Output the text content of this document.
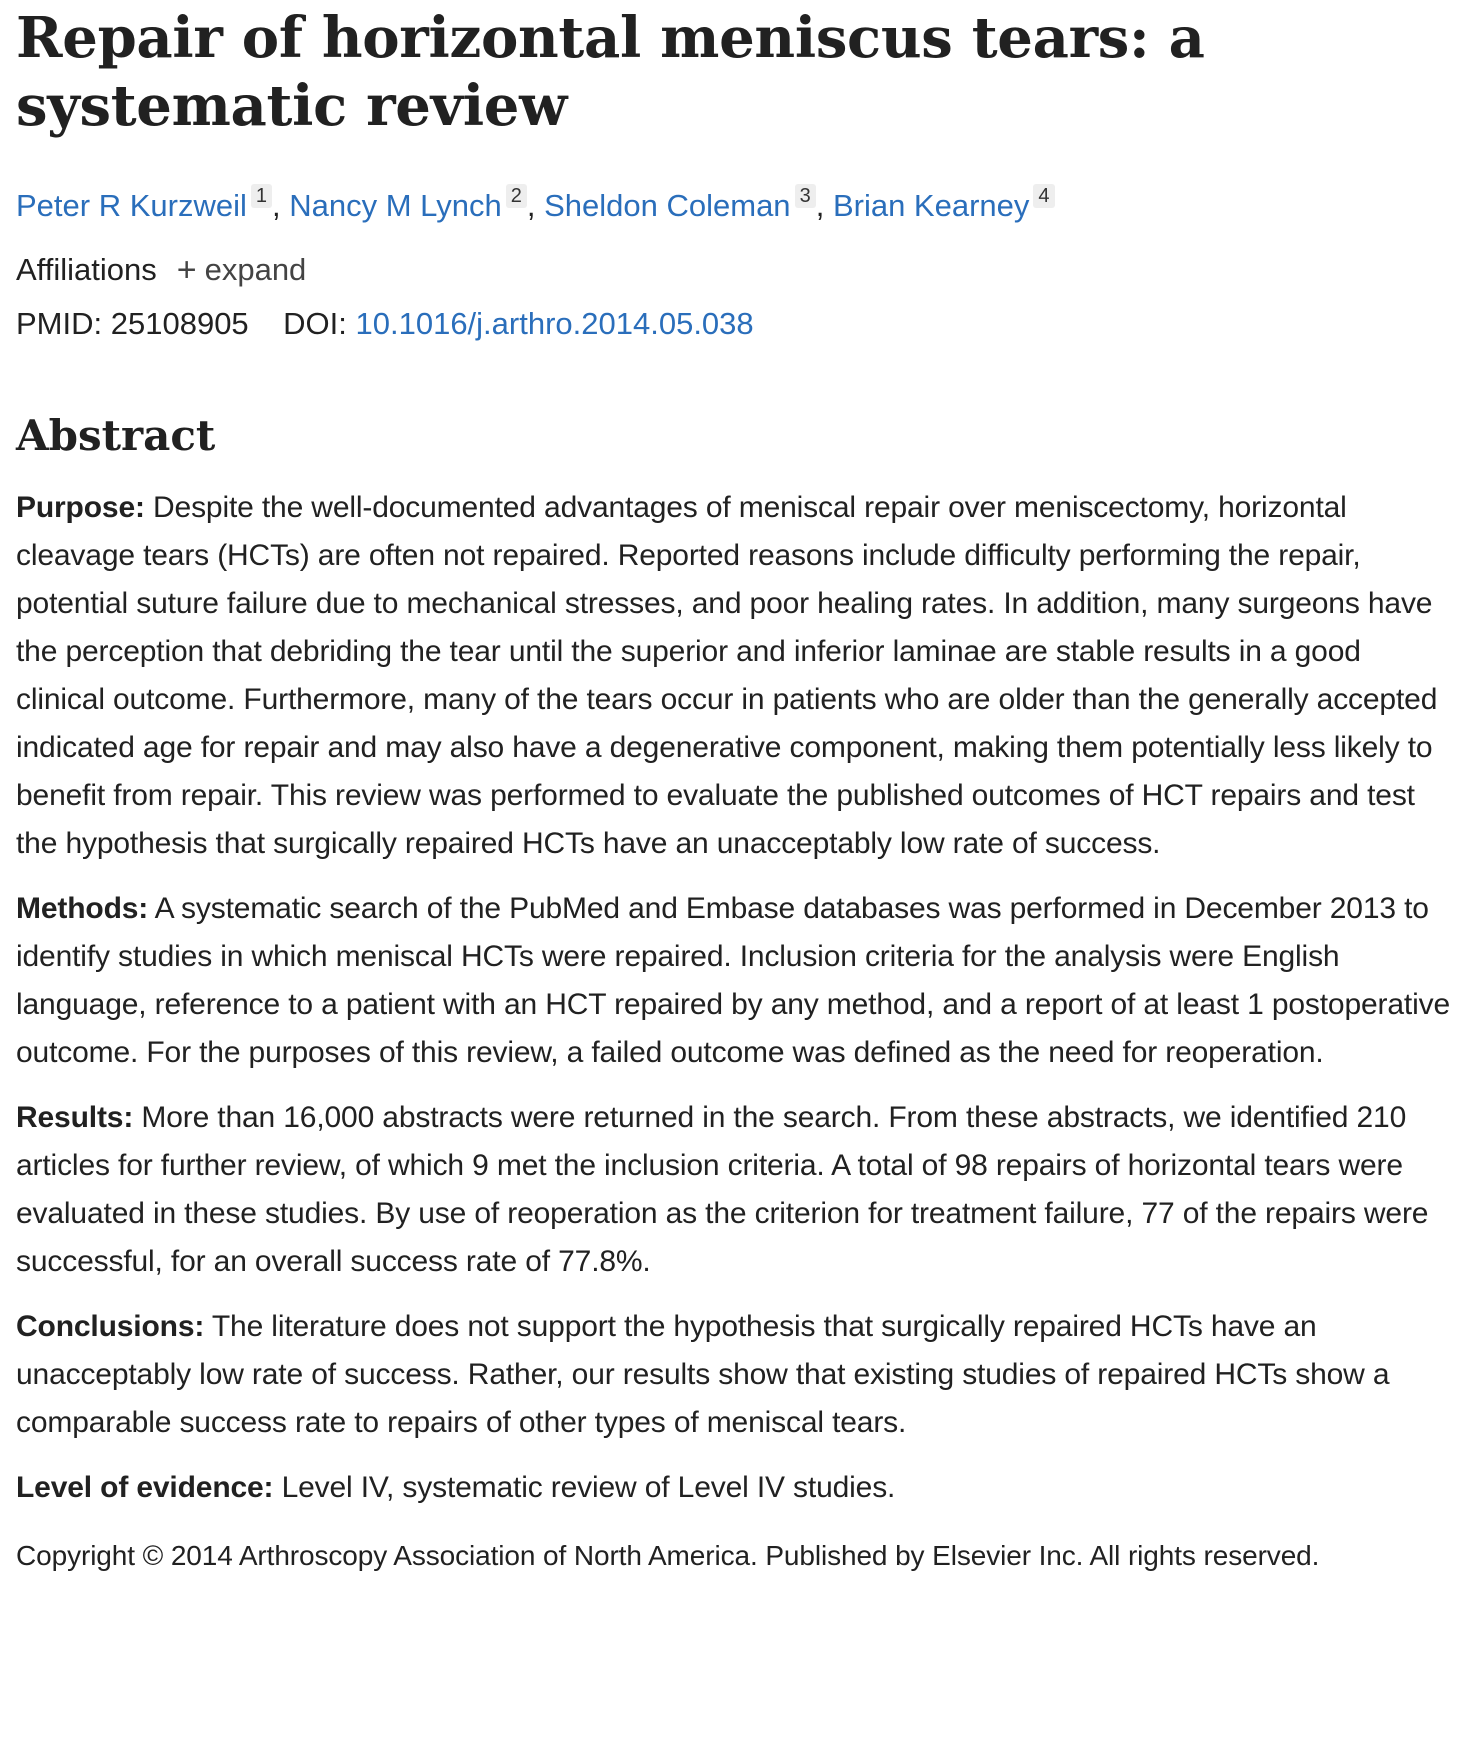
Repair of horizontal meniscus tears: a systematic review
Peter R Kurzweil 1 , Nancy M Lynch 2 , Sheldon Coleman 3 , Brian Kearney 4
Affiliations + expand
PMID: 25108905 DOI: 10.1016/j.arthro.2014.05.038
Abstract

Purpose: Despite the well-documented advantages of meniscal repair over meniscectomy, horizontal cleavage tears (HCTs) are often not repaired. Reported reasons include difficulty performing the repair, potential suture failure due to mechanical stresses, and poor healing rates. In addition, many surgeons have the perception that debriding the tear until the superior and inferior laminae are stable results in a good clinical outcome. Furthermore, many of the tears occur in patients who are older than the generally accepted indicated age for repair and may also have a degenerative component, making them potentially less likely to benefit from repair. This review was performed to evaluate the published outcomes of HCT repairs and test the hypothesis that surgically repaired HCTs have an unacceptably low rate of success.

Methods: A systematic search of the PubMed and Embase databases was performed in December 2013 to identify studies in which meniscal HCTs were repaired. Inclusion criteria for the analysis were English language, reference to a patient with an HCT repaired by any method, and a report of at least 1 postoperative outcome. For the purposes of this review, a failed outcome was defined as the need for reoperation.

Results: More than 16,000 abstracts were returned in the search. From these abstracts, we identified 210 articles for further review, of which 9 met the inclusion criteria. A total of 98 repairs of horizontal tears were evaluated in these studies. By use of reoperation as the criterion for treatment failure, 77 of the repairs were successful, for an overall success rate of 77.8%.

Conclusions: The literature does not support the hypothesis that surgically repaired HCTs have an unacceptably low rate of success. Rather, our results show that existing studies of repaired HCTs show a comparable success rate to repairs of other types of meniscal tears.

Level of evidence: Level IV, systematic review of Level IV studies.

Copyright © 2014 Arthroscopy Association of North America. Published by Elsevier Inc. All rights reserved.
